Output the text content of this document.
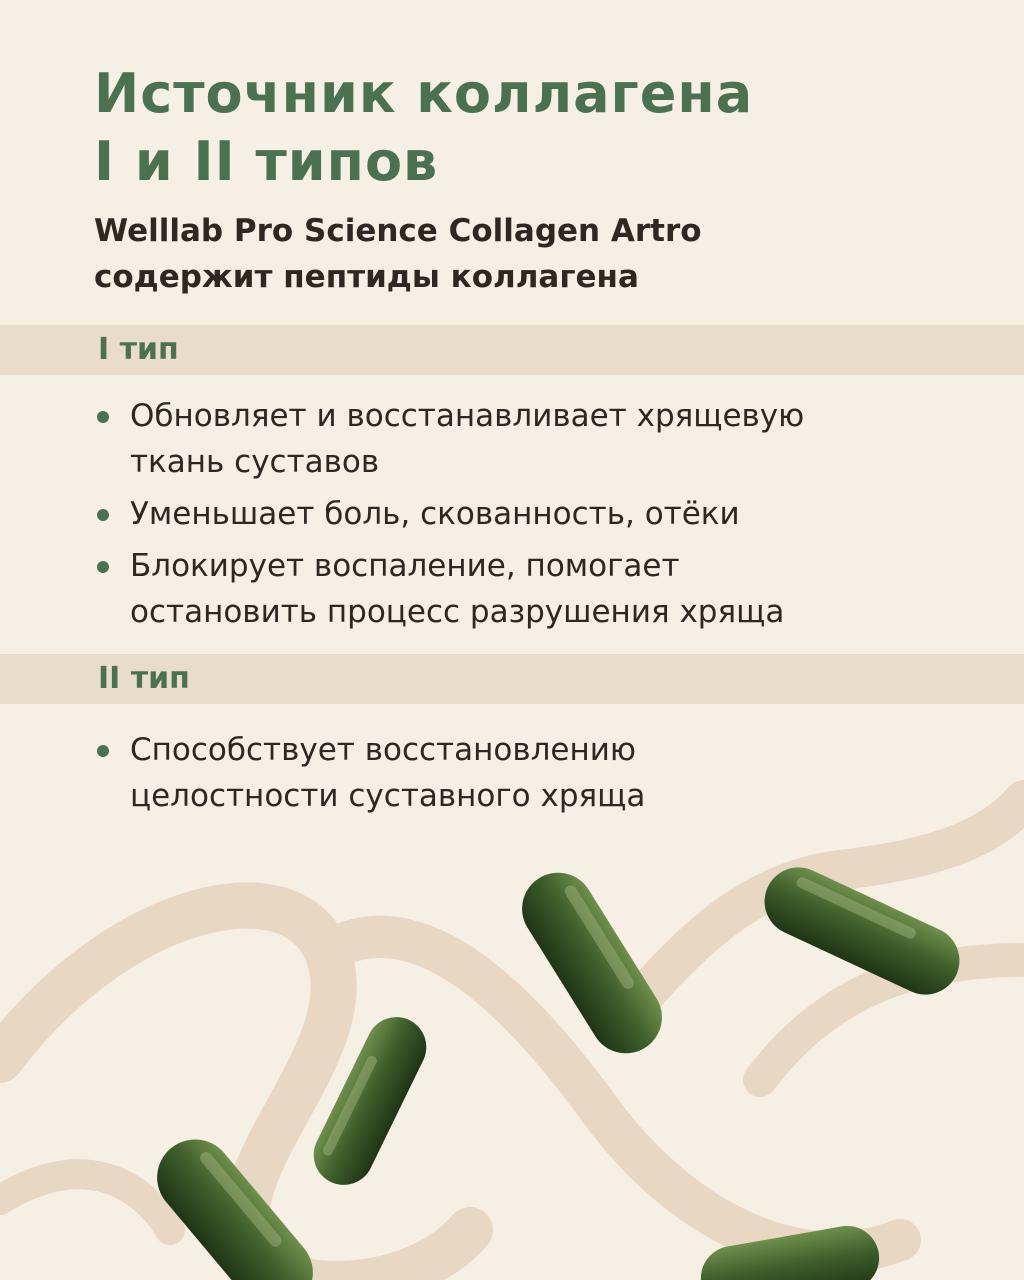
Источник коллагена
I и II типов

Welllab Pro Science Collagen Artro
содержит пептиды коллагена

I тип
Обновляет и восстанавливает хрящевую
ткань суставов
Уменьшает боль, скованность, отёки
Блокирует воспаление, помогает
остановить процесс разрушения хряща
II тип
Способствует восстановлению
целостности суставного хряща
